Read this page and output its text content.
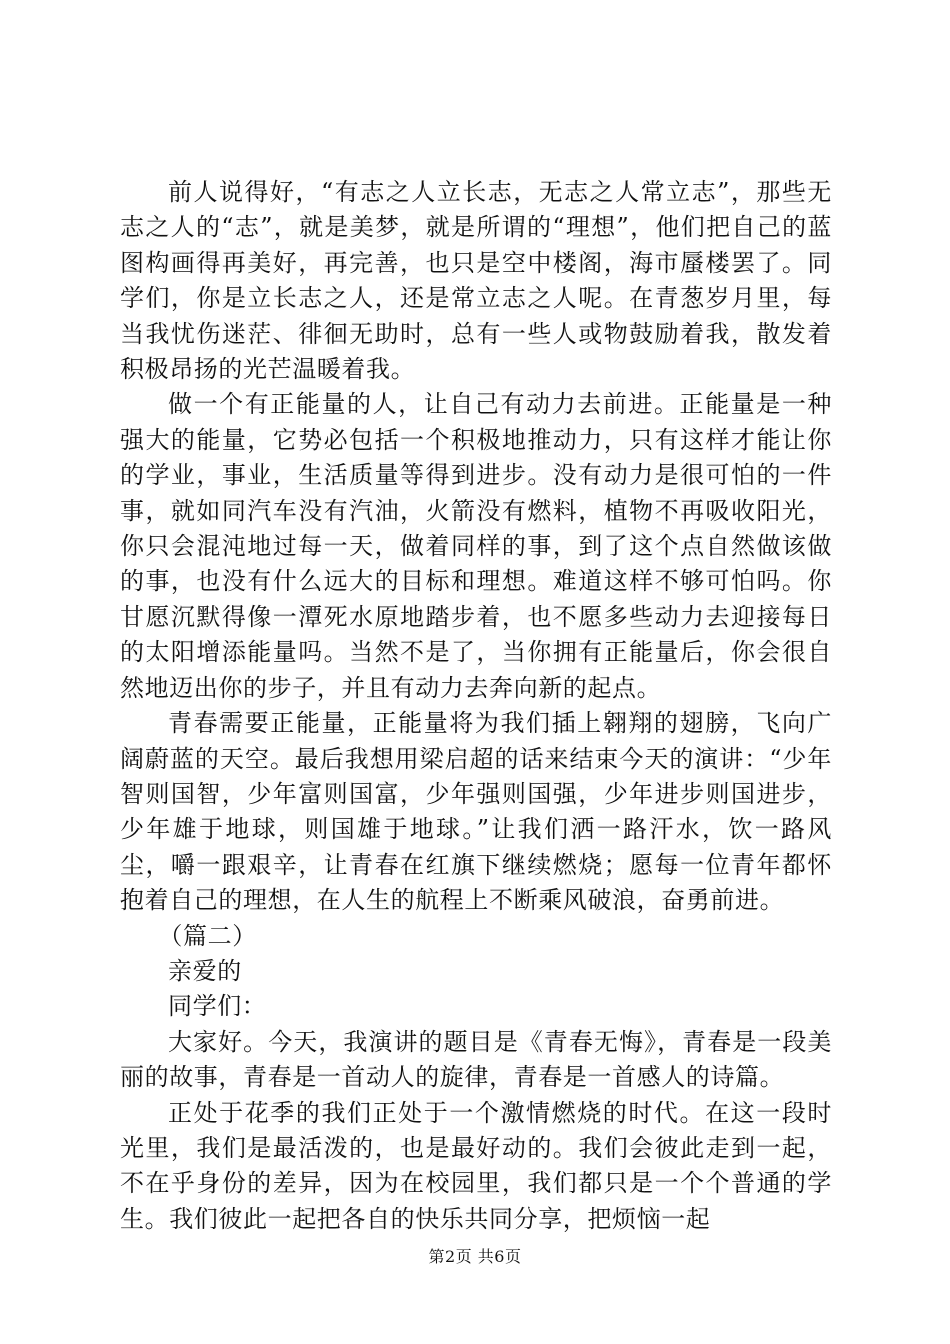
前人说得好，“有志之人立长志，无志之人常立志”，那些无志之人的“志”，就是美梦，就是所谓的“理想”，他们把自己的蓝图构画得再美好，再完善，也只是空中楼阁，海市蜃楼罢了。同学们，你是立长志之人，还是常立志之人呢。在青葱岁月里，每当我忧伤迷茫、徘徊无助时，总有一些人或物鼓励着我，散发着积极昂扬的光芒温暖着我。

做一个有正能量的人，让自己有动力去前进。正能量是一种强大的能量，它势必包括一个积极地推动力，只有这样才能让你的学业，事业，生活质量等得到进步。没有动力是很可怕的一件事，就如同汽车没有汽油，火箭没有燃料，植物不再吸收阳光，你只会混沌地过每一天，做着同样的事，到了这个点自然做该做的事，也没有什么远大的目标和理想。难道这样不够可怕吗。你甘愿沉默得像一潭死水原地踏步着，也不愿多些动力去迎接每日的太阳增添能量吗。当然不是了，当你拥有正能量后，你会很自然地迈出你的步子，并且有动力去奔向新的起点。

青春需要正能量，正能量将为我们插上翱翔的翅膀，飞向广阔蔚蓝的天空。最后我想用梁启超的话来结束今天的演讲：“少年智则国智，少年富则国富，少年强则国强，少年进步则国进步，少年雄于地球，则国雄于地球。”让我们洒一路汗水，饮一路风尘，嚼一跟艰辛，让青春在红旗下继续燃烧；愿每一位青年都怀抱着自己的理想，在人生的航程上不断乘风破浪，奋勇前进。

（篇二）

亲爱的

同学们：

大家好。今天，我演讲的题目是《青春无悔》，青春是一段美丽的故事，青春是一首动人的旋律，青春是一首感人的诗篇。

正处于花季的我们正处于一个激情燃烧的时代。在这一段时光里，我们是最活泼的，也是最好动的。我们会彼此走到一起，不在乎身份的差异，因为在校园里，我们都只是一个个普通的学生。我们彼此一起把各自的快乐共同分享，把烦恼一起

第2页 共6页
